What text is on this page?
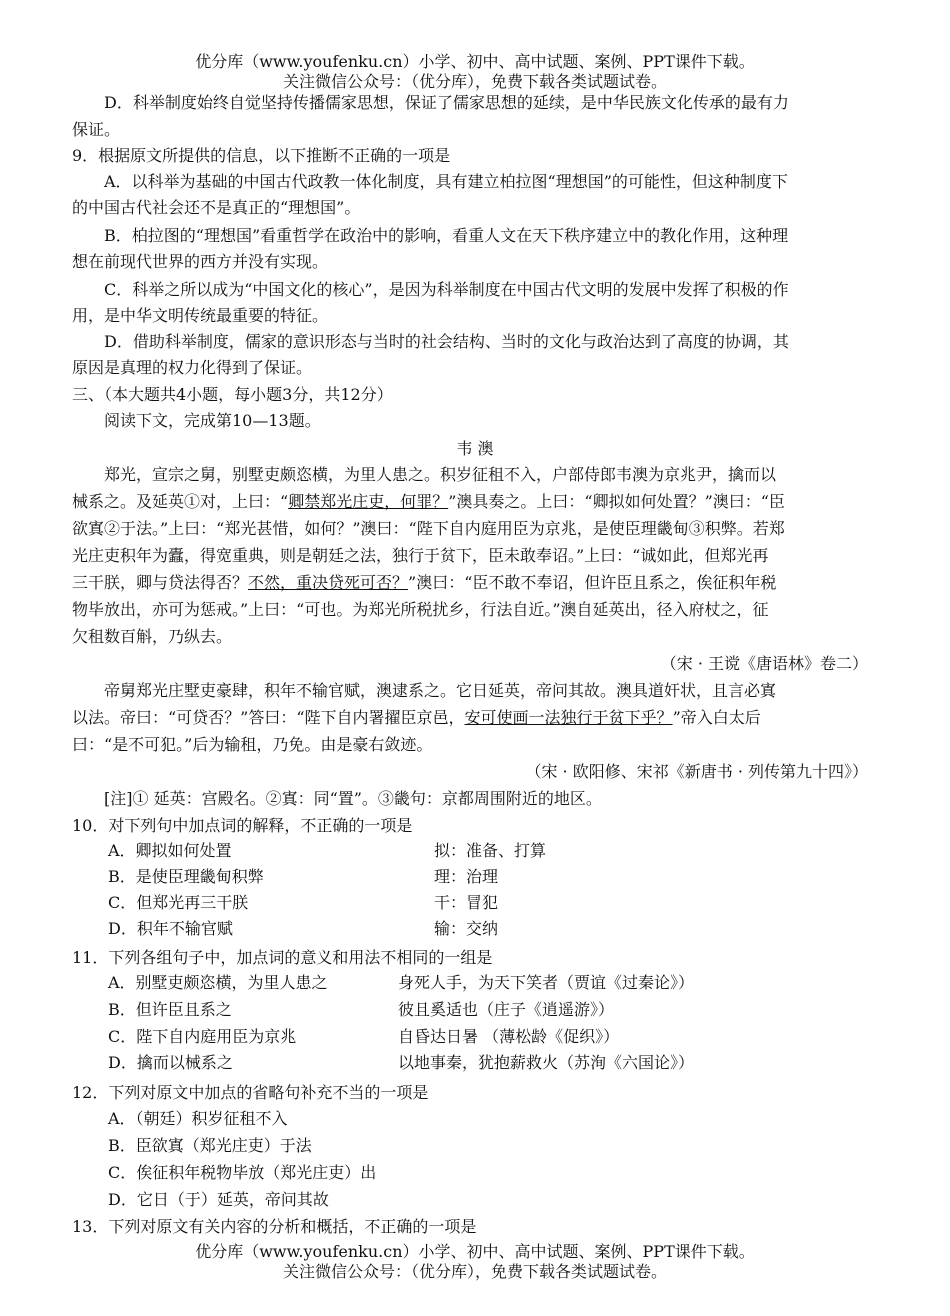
优分库（www.youfenku.cn）小学、初中、高中试题、案例、PPT课件下载。
关注微信公众号：（优分库），免费下载各类试题试卷。
D．科举制度始终自觉坚持传播儒家思想，保证了儒家思想的延续，是中华民族文化传承的最有力
保证。
9．根据原文所提供的信息，以下推断不正确的一项是
A．以科举为基础的中国古代政教一体化制度，具有建立柏拉图“理想国”的可能性，但这种制度下
的中国古代社会还不是真正的“理想国”。
B．柏拉图的“理想国”看重哲学在政治中的影响，看重人文在天下秩序建立中的教化作用，这种理
想在前现代世界的西方并没有实现。
C．科举之所以成为“中国文化的核心”，是因为科举制度在中国古代文明的发展中发挥了积极的作
用，是中华文明传统最重要的特征。
D．借助科举制度，儒家的意识形态与当时的社会结构、当时的文化与政治达到了高度的协调，其
原因是真理的权力化得到了保证。
三、（本大题共4小题，每小题3分，共12分）
阅读下文，完成第10—13题。
韦 澳
郑光，宣宗之舅，别墅吏颇恣横，为里人患之。积岁征租不入，户部侍郎韦澳为京兆尹，擒而以
械系之。及延英①对，上曰：“卿禁郑光庄吏，何罪？”澳具奏之。上曰：“卿拟如何处置？”澳曰：“臣
欲寘②于法。”上曰：“郑光甚惜，如何？”澳曰：“陛下自内庭用臣为京兆，是使臣理畿甸③积弊。若郑
光庄吏积年为蠹，得宽重典，则是朝廷之法，独行于贫下，臣未敢奉诏。”上曰：“诚如此，但郑光再
三干朕，卿与贷法得否？不然，重决贷死可否？”澳曰：“臣不敢不奉诏，但许臣且系之，俟征积年税
物毕放出，亦可为惩戒。”上曰：“可也。为郑光所税扰乡，行法自近。”澳自延英出，径入府杖之，征
欠租数百斛，乃纵去。
（宋 · 王谠《唐语林》卷二）
帝舅郑光庄墅吏豪肆，积年不输官赋，澳逮系之。它日延英，帝问其故。澳具道奸状，且言必寘
以法。帝曰：“可贷否？”答曰：“陛下自内署擢臣京邑，安可使画一法独行于贫下乎？”帝入白太后
曰：“是不可犯。”后为输租，乃免。由是豪右敛迹。
（宋 · 欧阳修、宋祁《新唐书 · 列传第九十四》）
[注]① 延英：宫殿名。②寘：同“置”。③畿句：京都周围附近的地区。
10．对下列句中加点词的解释，不正确的一项是
A．卿拟如何处置	拟：准备、打算
B．是使臣理畿甸积弊	理：治理
C．但郑光再三干朕	干：冒犯
D．积年不输官赋	输：交纳
11．下列各组句子中，加点词的意义和用法不相同的一组是
A．别墅吏颇恣横，为里人患之	身死人手，为天下笑者（贾谊《过秦论》）
B．但许臣且系之	彼且奚适也（庄子《逍遥游》）
C．陛下自内庭用臣为京兆	自昏达日暑 （薄松龄《促织》）
D．擒而以械系之	以地事秦，犹抱薪救火（苏洵《六国论》）
12．下列对原文中加点的省略句补充不当的一项是
A．（朝廷）积岁征租不入
B．臣欲寘（郑光庄吏）于法
C．俟征积年税物毕放（郑光庄吏）出
D．它日（于）延英，帝问其故
13．下列对原文有关内容的分析和概括，不正确的一项是
优分库（www.youfenku.cn）小学、初中、高中试题、案例、PPT课件下载。
关注微信公众号：（优分库），免费下载各类试题试卷。
